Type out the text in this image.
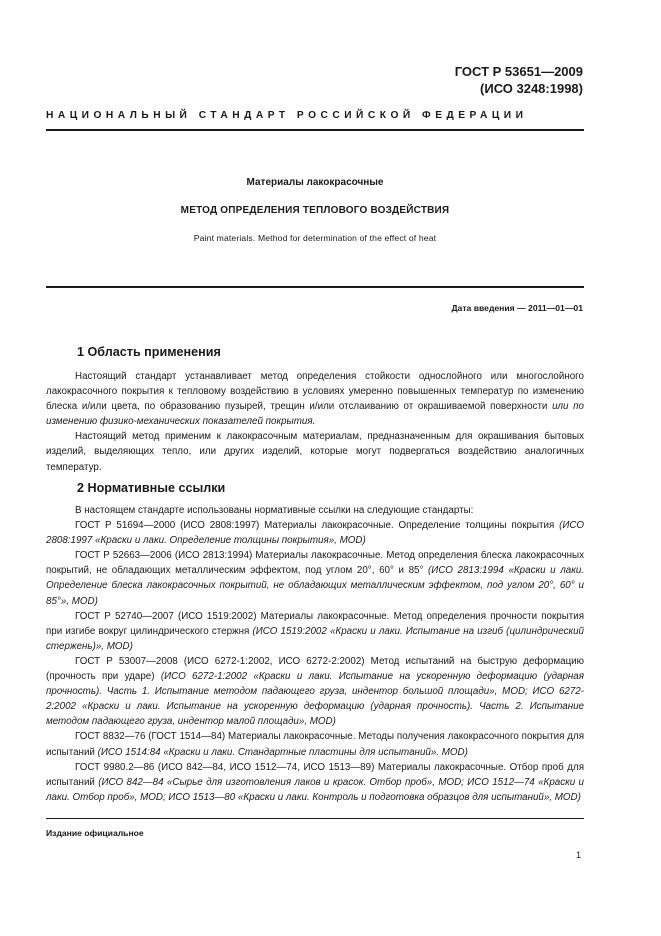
ГОСТ Р 53651—2009
(ИСО 3248:1998)
НАЦИОНАЛЬНЫЙ СТАНДАРТ РОССИЙСКОЙ ФЕДЕРАЦИИ
Материалы лакокрасочные
МЕТОД ОПРЕДЕЛЕНИЯ ТЕПЛОВОГО ВОЗДЕЙСТВИЯ
Paint materials. Method for determination of the effect of heat
Дата введения — 2011—01—01
1 Область применения

Настоящий стандарт устанавливает метод определения стойкости однослойного или многослойного лакокрасочного покрытия к тепловому воздействию в условиях умеренно повышенных температур по изменению блеска и/или цвета, по образованию пузырей, трещин и/или отслаиванию от окрашиваемой поверхности или по изменению физико-механических показателей покрытия.

Настоящий метод применим к лакокрасочным материалам, предназначенным для окрашивания бытовых изделий, выделяющих тепло, или других изделий, которые могут подвергаться воздействию аналогичных температур.

2 Нормативные ссылки

В настоящем стандарте использованы нормативные ссылки на следующие стандарты:

ГОСТ Р 51694—2000 (ИСО 2808:1997) Материалы лакокрасочные. Определение толщины покрытия (ИСО 2808:1997 «Краски и лаки. Определение толщины покрытия», MOD)

ГОСТ Р 52663—2006 (ИСО 2813:1994) Материалы лакокрасочные. Метод определения блеска лакокрасочных покрытий, не обладающих металлическим эффектом, под углом 20°, 60° и 85° (ИСО 2813:1994 «Краски и лаки. Определение блеска лакокрасочных покрытий, не обладающих металлическим эффектом, под углом 20°, 60° и 85°», MOD)

ГОСТ Р 52740—2007 (ИСО 1519:2002) Материалы лакокрасочные. Метод определения прочности покрытия при изгибе вокруг цилиндрического стержня (ИСО 1519:2002 «Краски и лаки. Испытание на изгиб (цилиндрический стержень)», MOD)

ГОСТ Р 53007—2008 (ИСО 6272-1:2002, ИСО 6272-2:2002) Метод испытаний на быструю деформацию (прочность при ударе) (ИСО 6272-1:2002 «Краски и лаки. Испытание на ускоренную деформацию (ударная прочность). Часть 1. Испытание методом падающего груза, индентор большой площади», MOD; ИСО 6272-2:2002 «Краски и лаки. Испытание на ускоренную деформацию (ударная прочность). Часть 2. Испытание методом падающего груза, индентор малой площади», MOD)

ГОСТ 8832—76 (ГОСТ 1514—84) Материалы лакокрасочные. Методы получения лакокрасочного покрытия для испытаний (ИСО 1514:84 «Краски и лаки. Стандартные пластины для испытаний». MOD)

ГОСТ 9980.2—86 (ИСО 842—84, ИСО 1512—74, ИСО 1513—89) Материалы лакокрасочные. Отбор проб для испытаний (ИСО 842—84 «Сырье для изготовления лаков и красок. Отбор проб», MOD; ИСО 1512—74 «Краски и лаки. Отбор проб», MOD; ИСО 1513—80 «Краски и лаки. Контроль и подготовка образцов для испытаний», MOD)

Издание официальное
1
